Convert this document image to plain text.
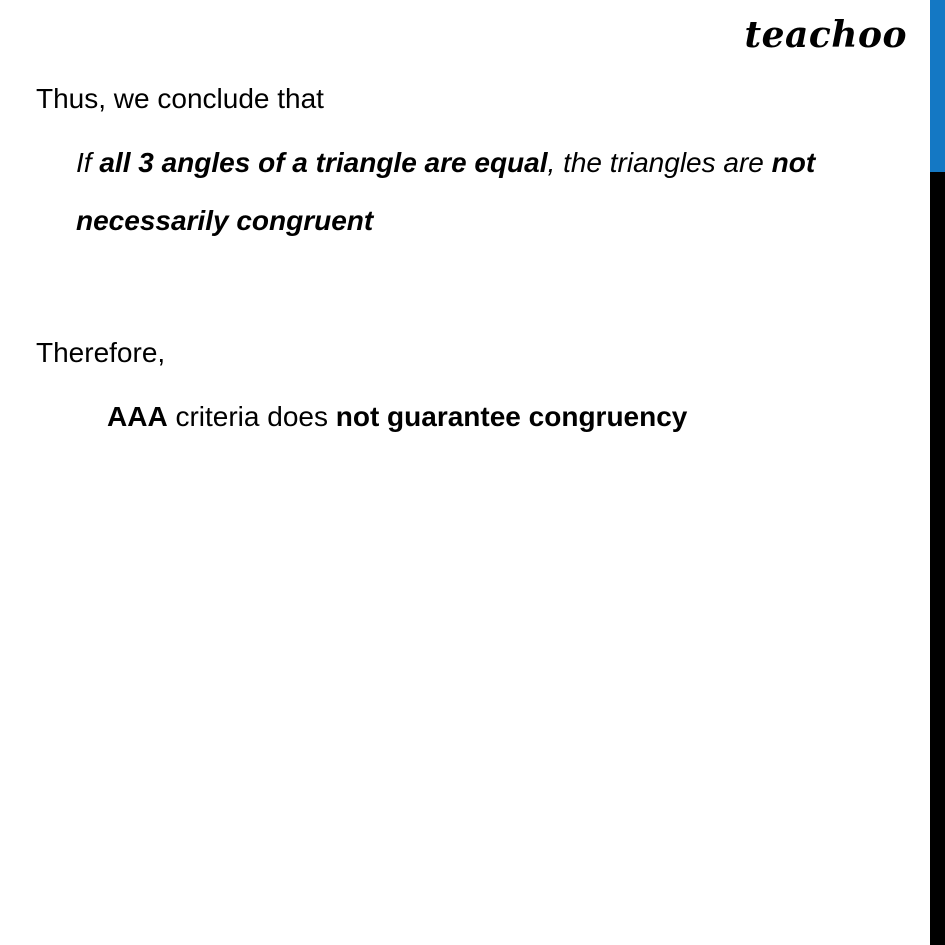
teachoo
Thus, we conclude that
If all 3 angles of a triangle are equal, the triangles are not
necessarily congruent
Therefore,
AAA criteria does not guarantee congruency
